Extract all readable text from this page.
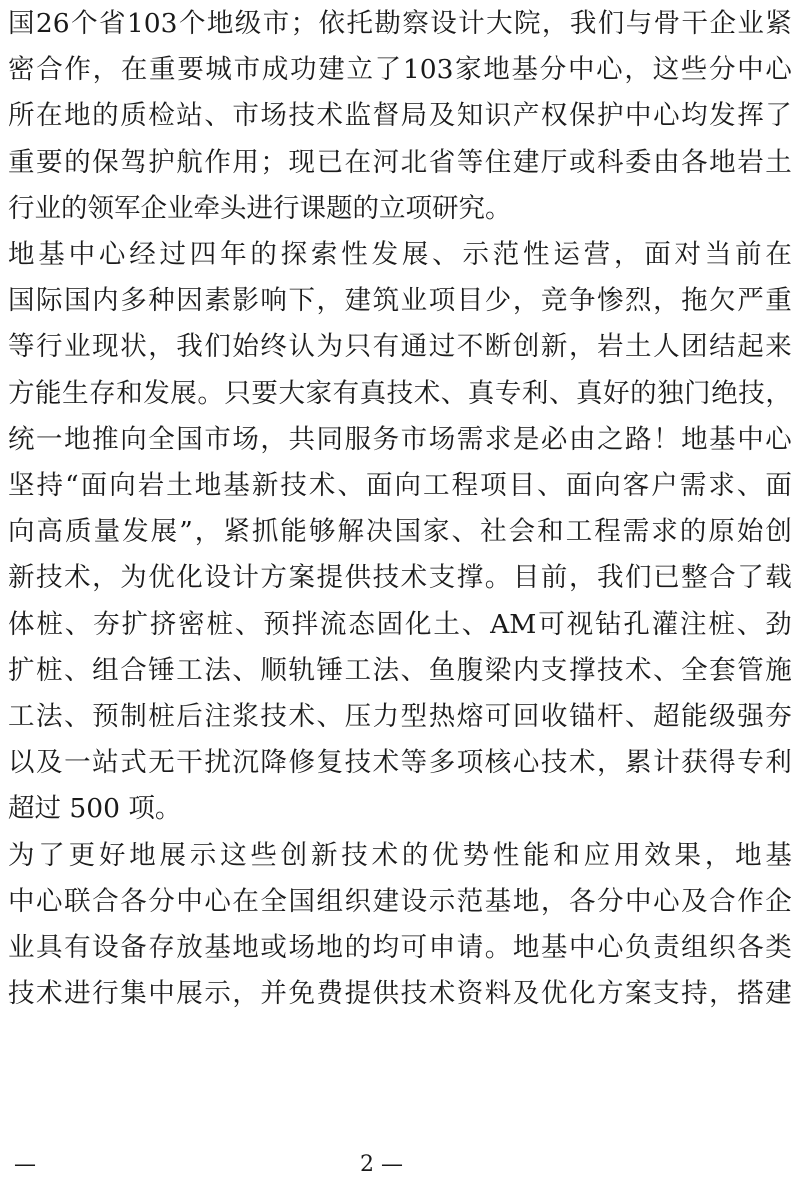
国 26 个 省 103 个 地 级 市 ； 依 托 勘 察 设 计 大 院 ， 我 们 与 骨 干 企 业 紧
密 合 作 ， 在 重 要 城 市 成 功 建 立 了 103 家 地 基 分 中 心 ， 这 些 分 中 心
所 在 地 的 质 检 站 、 市 场 技 术 监 督 局 及 知 识 产 权 保 护 中 心 均 发 挥 了
重 要 的 保 驾 护 航 作 用 ； 现 已 在 河 北 省 等 住 建 厅 或 科 委 由 各 地 岩 土
行业的领军企业牵头进行课题的立项研究。
地 基 中 心 经 过 四 年 的 探 索 性 发 展 、 示 范 性 运 营 ， 面 对 当 前 在
国 际 国 内 多 种 因 素 影 响 下 ， 建 筑 业 项 目 少 ， 竞 争 惨 烈 ， 拖 欠 严 重
等 行 业 现 状 ， 我 们 始 终 认 为 只 有 通 过 不 断 创 新 ， 岩 土 人 团 结 起 来
方 能 生 存 和 发 展 。 只 要 大 家 有 真 技 术 、 真 专 利 、 真 好 的 独 门 绝 技 ，
统 一 地 推 向 全 国 市 场 ， 共 同 服 务 市 场 需 求 是 必 由 之 路 ！ 地 基 中 心
坚 持 “ 面 向 岩 土 地 基 新 技 术 、 面 向 工 程 项 目 、 面 向 客 户 需 求 、 面
向 高 质 量 发 展 ” ， 紧 抓 能 够 解 决 国 家 、 社 会 和 工 程 需 求 的 原 始 创
新 技 术 ， 为 优 化 设 计 方 案 提 供 技 术 支 撑 。 目 前 ， 我 们 已 整 合 了 载
体 桩 、 夯 扩 挤 密 桩 、 预 拌 流 态 固 化 土 、 AM 可 视 钻 孔 灌 注 桩 、 劲
扩 桩 、 组 合 锤 工 法 、 顺 轨 锤 工 法 、 鱼 腹 梁 内 支 撑 技 术 、 全 套 管 施
工 法 、 预 制 桩 后 注 浆 技 术 、 压 力 型 热 熔 可 回 收 锚 杆 、 超 能 级 强 夯
以 及 一 站 式 无 干 扰 沉 降 修 复 技 术 等 多 项 核 心 技 术 ， 累 计 获 得 专 利
超过 500 项。
为 了 更 好 地 展 示 这 些 创 新 技 术 的 优 势 性 能 和 应 用 效 果 ， 地 基
中 心 联 合 各 分 中 心 在 全 国 组 织 建 设 示 范 基 地 ， 各 分 中 心 及 合 作 企
业 具 有 设 备 存 放 基 地 或 场 地 的 均 可 申 请 。 地 基 中 心 负 责 组 织 各 类
技 术 进 行 集 中 展 示 ， 并 免 费 提 供 技 术 资 料 及 优 化 方 案 支 持 ， 搭 建
—	2 —
